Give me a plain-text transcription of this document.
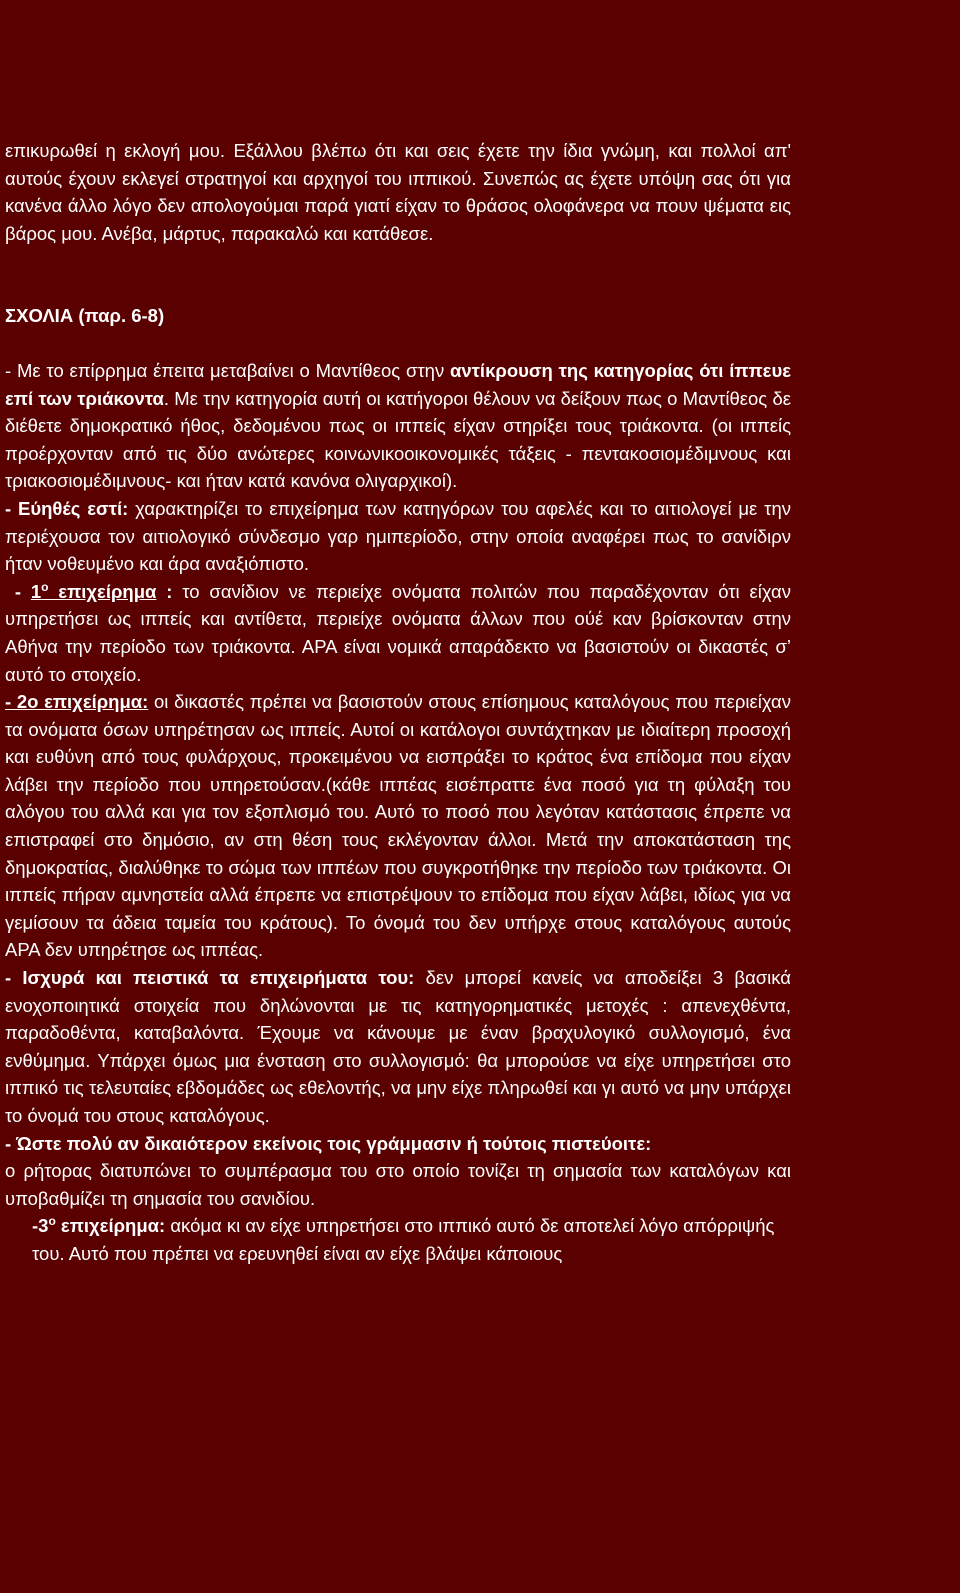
επικυρωθεί η εκλογή μου. Εξάλλου βλέπω ότι και σεις έχετε την ίδια γνώμη, και πολλοί απ' αυτούς έχουν εκλεγεί στρατηγοί και αρχηγοί του ιππικού. Συνεπώς ας έχετε υπόψη σας ότι για κανένα άλλο λόγο δεν απολογούμαι παρά γιατί είχαν το θράσος ολοφάνερα να πουν ψέματα εις βάρος μου. Ανέβα, μάρτυς, παρακαλώ και κατάθεσε.

ΣΧΟΛΙΑ (παρ. 6-8)

- Με το επίρρημα έπειτα μεταβαίνει ο Μαντίθεος στην αντίκρουση της κατηγορίας ότι ίππευε επί των τριάκοντα. Με την κατηγορία αυτή οι κατήγοροι θέλουν να δείξουν πως ο Μαντίθεος δε διέθετε δημοκρατικό ήθος, δεδομένου πως οι ιππείς είχαν στηρίξει τους τριάκοντα. (οι ιππείς προέρχονταν από τις δύο ανώτερες κοινωνικοοικονομικές τάξεις - πεντακοσιομέδιμνους και τριακοσιομέδιμνους- και ήταν κατά κανόνα ολιγαρχικοί).

- Εύηθές εστί: χαρακτηρίζει το επιχείρημα των κατηγόρων του αφελές και το αιτιολογεί με την περιέχουσα τον αιτιολογικό σύνδεσμο γαρ ημιπερίοδο, στην οποία αναφέρει πως το σανίδιρν ήταν νοθευμένο και άρα αναξιόπιστο.

- $1^o$ επιχείρημα : το σανίδιον νε περιείχε ονόματα πολιτών που παραδέχονταν ότι είχαν υπηρετήσει ως ιππείς και αντίθετα, περιείχε ονόματα άλλων που ούέ καν βρίσκονταν στην Αθήνα την περίοδο των τριάκοντα. ΑΡΑ είναι νομικά απαράδεκτο να βασιστούν οι δικαστές σ’ αυτό το στοιχείο.

- 2ο επιχείρημα: οι δικαστές πρέπει να βασιστούν στους επίσημους καταλόγους που περιείχαν τα ονόματα όσων υπηρέτησαν ως ιππείς. Αυτοί οι κατάλογοι συντάχτηκαν με ιδιαίτερη προσοχή και ευθύνη από τους φυλάρχους, προκειμένου να εισπράξει το κράτος ένα επίδομα που είχαν λάβει την περίοδο που υπηρετούσαν.(κάθε ιππέας εισέπραττε ένα ποσό για τη φύλαξη του αλόγου του αλλά και για τον εξοπλισμό του. Αυτό το ποσό που λεγόταν κατάστασις έπρεπε να επιστραφεί στο δημόσιο, αν στη θέση τους εκλέγονταν άλλοι. Μετά την αποκατάσταση της δημοκρατίας, διαλύθηκε το σώμα των ιππέων που συγκροτήθηκε την περίοδο των τριάκοντα. Οι ιππείς πήραν αμνηστεία αλλά έπρεπε να επιστρέψουν το επίδομα που είχαν λάβει, ιδίως για να γεμίσουν τα άδεια ταμεία του κράτους). Το όνομά του δεν υπήρχε στους καταλόγους αυτούς ΑΡΑ δεν υπηρέτησε ως ιππέας.

- Ισχυρά και πειστικά τα επιχειρήματα του: δεν μπορεί κανείς να αποδείξει 3 βασικά ενοχοποιητικά στοιχεία που δηλώνονται με τις κατηγορηματικές μετοχές : απενεχθέντα, παραδοθέντα, καταβαλόντα. Έχουμε να κάνουμε με έναν βραχυλογικό συλλογισμό, ένα ενθύμημα. Υπάρχει όμως μια ένσταση στο συλλογισμό: θα μπορούσε να είχε υπηρετήσει στο ιππικό τις τελευταίες εβδομάδες ως εθελοντής, να μην είχε πληρωθεί και γι αυτό να μην υπάρχει το όνομά του στους καταλόγους.

- Ώστε πολύ αν δικαιότερον εκείνοις τοις γράμμασιν ή τούτοις πιστεύοιτε:
ο ρήτορας διατυπώνει το συμπέρασμα του στο οποίο τονίζει τη σημασία των καταλόγων και υποβαθμίζει τη σημασία του σανιδίου.

$-3^o$ επιχείρημα: ακόμα κι αν είχε υπηρετήσει στο ιππικό αυτό δε αποτελεί λόγο απόρριψής του. Αυτό που πρέπει να ερευνηθεί είναι αν είχε βλάψει κάποιους
